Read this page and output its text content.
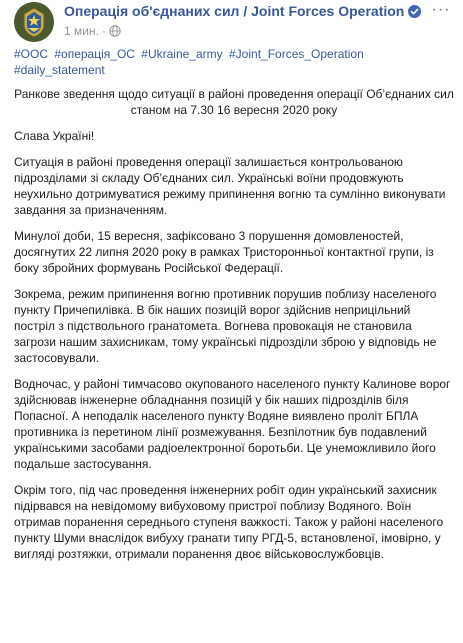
Операція об'єднаних сил / Joint Forces Operation
1 мин. ·
···
#ООС #операція_ОС #Ukraine_army #Joint_Forces_Operation
#daily_statement

Ранкове зведення щодо ситуації в районі проведення операції Об’єднаних сил станом на 7.30 16 вересня 2020 року

Слава Україні!

Ситуація в районі проведення операції залишається контрольованою підрозділами зі складу Об’єднаних сил. Українські воїни продовжують неухильно дотримуватися режиму припинення вогню та сумлінно виконувати завдання за призначенням.

Минулої доби, 15 вересня, зафіксовано 3 порушення домовленостей, досягнутих 22 липня 2020 року в рамках Тристоронньої контактної групи, із боку збройних формувань Російської Федерації.

Зокрема, режим припинення вогню противник порушив поблизу населеного пункту Причепилівка. В бік наших позицій ворог здійснив неприцільний постріл з підствольного гранатомета. Вогнева провокація не становила загрози нашим захисникам, тому українські підрозділи зброю у відповідь не застосовували.

Водночас, у районі тимчасово окупованого населеного пункту Калинове ворог здійснював інженерне обладнання позицій у бік наших підрозділів біля Попасної. А неподалік населеного пункту Водяне виявлено проліт БПЛА противника із перетином лінії розмежування. Безпілотник був подавлений українськими засобами радіоелектронної боротьби. Це унеможливило його подальше застосування.

Окрім того, під час проведення інженерних робіт один український захисник підірвався на невідомому вибуховому пристрої поблизу Водяного. Воїн отримав поранення середнього ступеня важкості. Також у районі населеного пункту Шуми внаслідок вибуху гранати типу РГД-5, встановленої, імовірно, у вигляді розтяжки, отримали поранення двоє військовослужбовців.
